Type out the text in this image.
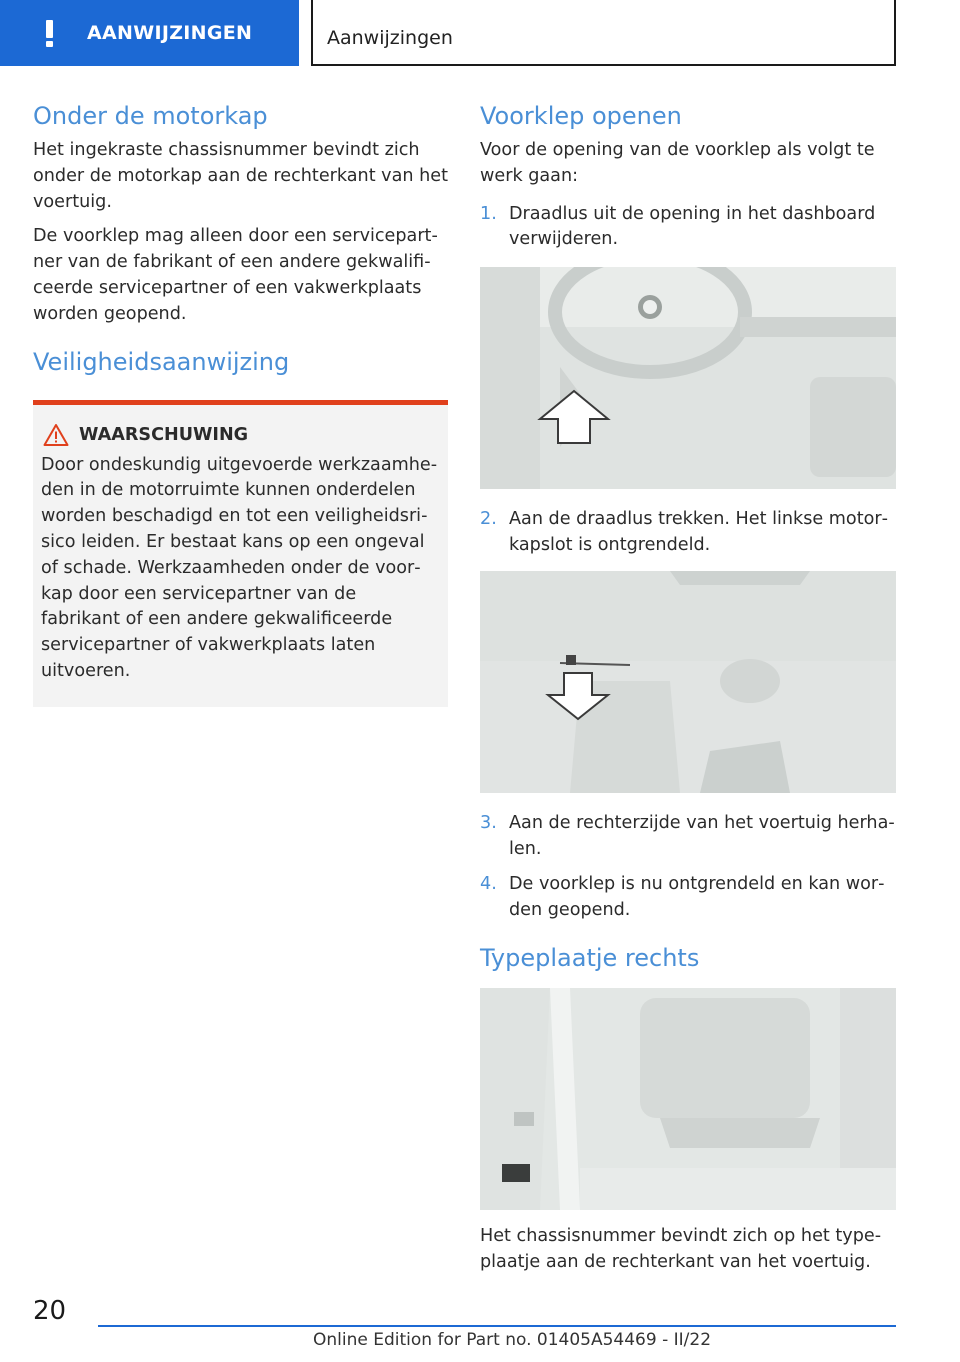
AANWIJZINGEN	Aanwijzingen
Onder de motorkap

Het ingekraste chassisnummer bevindt zich onder de motorkap aan de rechterkant van het voertuig.

De voorklep mag alleen door een servicepartner van de fabrikant of een andere gekwalificeerde servicepartner of een vakwerkplaats worden geopend.

Veiligheidsaanwijzing
WAARSCHUWING

Door ondeskundig uitgevoerde werkzaamheden in de motorruimte kunnen onderdelen worden beschadigd en tot een veiligheidsrisico leiden. Er bestaat kans op een ongeval of schade. Werkzaamheden onder de voorkap door een servicepartner van de fabrikant of een andere gekwalificeerde servicepartner of vakwerkplaats laten uitvoeren.

Voorklep openen

Voor de opening van de voorklep als volgt te werk gaan:

1. Draadlus uit de opening in het dashboard verwijderen.
2. Aan de draadlus trekken. Het linkse motorkapslot is ontgrendeld.
3. Aan de rechterzijde van het voertuig herhalen.
4. De voorklep is nu ontgrendeld en kan worden geopend.
Typeplaatje rechts

Het chassisnummer bevindt zich op het typeplaatje aan de rechterkant van het voertuig.

20
Online Edition for Part no. 01405A54469 - II/22
